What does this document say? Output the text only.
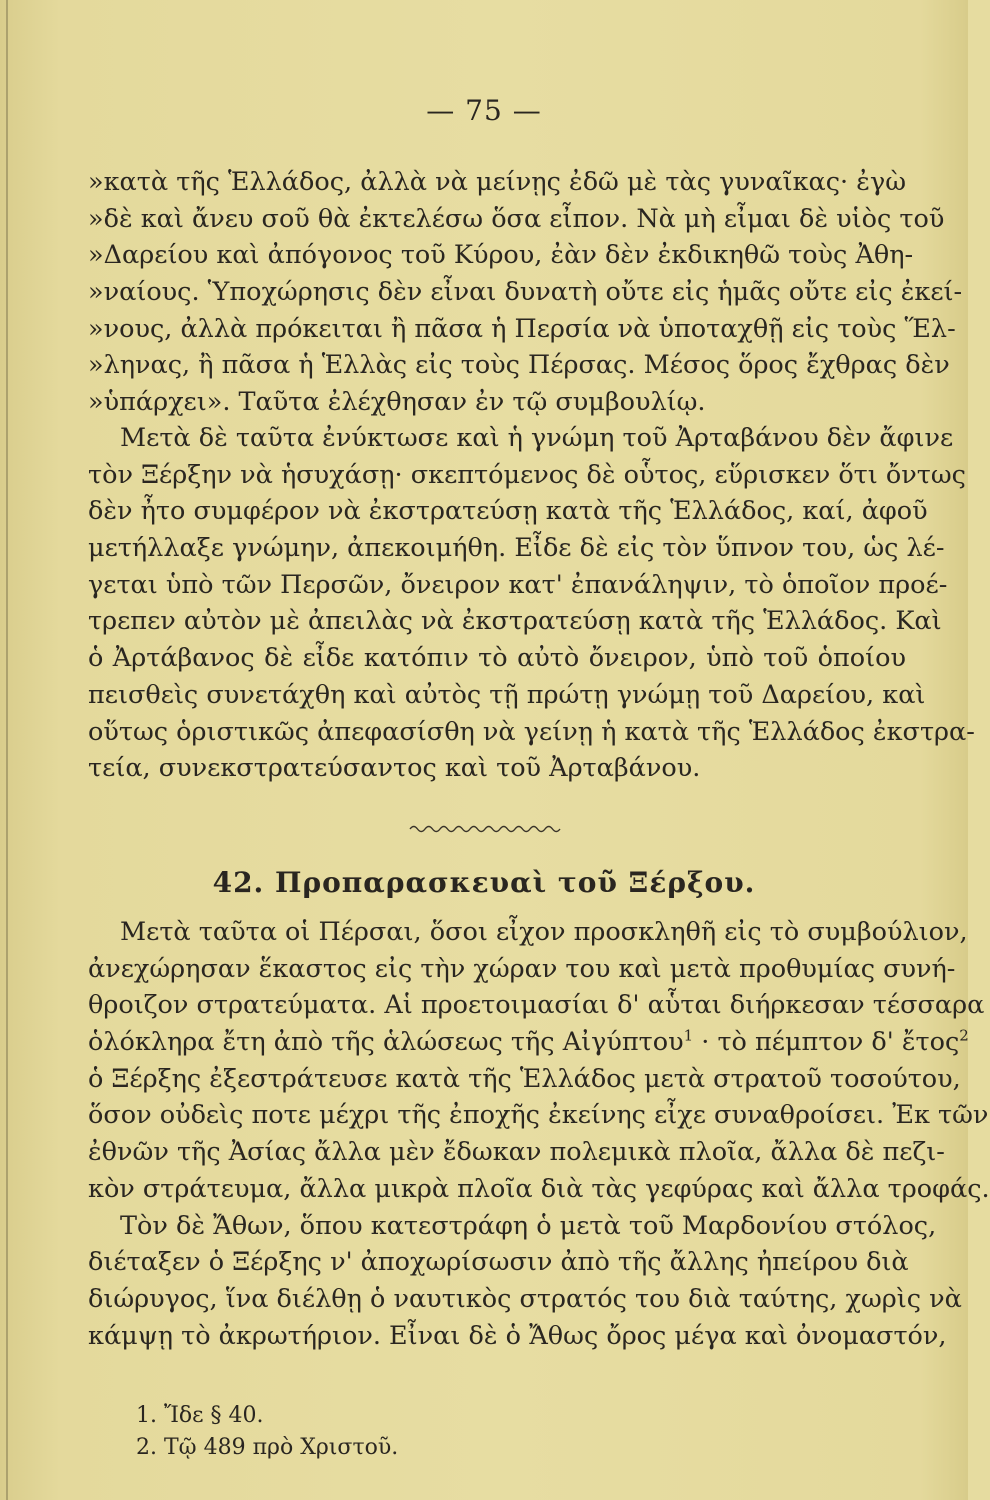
— 75 —
»κατὰ τῆς Ἑλλάδος, ἀλλὰ νὰ μείνῃς ἐδῶ μὲ τὰς γυναῖκας· ἐγὼ
»δὲ καὶ ἄνευ σοῦ θὰ ἐκτελέσω ὅσα εἶπον. Νὰ μὴ εἶμαι δὲ υἱὸς τοῦ
»Δαρείου καὶ ἀπόγονος τοῦ Κύρου, ἐὰν δὲν ἐκδικηθῶ τοὺς Ἀθη-
»ναίους. Ὑποχώρησις δὲν εἶναι δυνατὴ οὔτε εἰς ἡμᾶς οὔτε εἰς ἐκεί-
»νους, ἀλλὰ πρόκειται ἢ πᾶσα ἡ Περσία νὰ ὑποταχθῇ εἰς τοὺς Ἕλ-
»ληνας, ἢ πᾶσα ἡ Ἑλλὰς εἰς τοὺς Πέρσας. Μέσος ὅρος ἔχθρας δὲν
»ὑπάρχει». Ταῦτα ἐλέχθησαν ἐν τῷ συμβουλίῳ.
Μετὰ δὲ ταῦτα ἐνύκτωσε καὶ ἡ γνώμη τοῦ Ἀρταβάνου δὲν ἄφινε
τὸν Ξέρξην νὰ ἡσυχάσῃ· σκεπτόμενος δὲ οὗτος, εὕρισκεν ὅτι ὄντως
δὲν ἦτο συμφέρον νὰ ἐκστρατεύσῃ κατὰ τῆς Ἑλλάδος, καί, ἀφοῦ
μετήλλαξε γνώμην, ἀπεκοιμήθη. Εἶδε δὲ εἰς τὸν ὕπνον του, ὡς λέ-
γεται ὑπὸ τῶν Περσῶν, ὄνειρον κατ' ἐπανάληψιν, τὸ ὁποῖον προέ-
τρεπεν αὐτὸν μὲ ἀπειλὰς νὰ ἐκστρατεύσῃ κατὰ τῆς Ἑλλάδος. Καὶ
ὁ Ἀρτάβανος δὲ εἶδε κατόπιν τὸ αὐτὸ ὄνειρον, ὑπὸ τοῦ ὁποίου
πεισθεὶς συνετάχθη καὶ αὐτὸς τῇ πρώτῃ γνώμῃ τοῦ Δαρείου, καὶ
οὕτως ὁριστικῶς ἀπεφασίσθη νὰ γείνῃ ἡ κατὰ τῆς Ἑλλάδος ἐκστρα-
τεία, συνεκστρατεύσαντος καὶ τοῦ Ἀρταβάνου.
42. Προπαρασκευαὶ τοῦ Ξέρξου.
Μετὰ ταῦτα οἱ Πέρσαι, ὅσοι εἶχον προσκληθῆ εἰς τὸ συμβούλιον,
ἀνεχώρησαν ἕκαστος εἰς τὴν χώραν του καὶ μετὰ προθυμίας συνή-
θροιζον στρατεύματα. Αἱ προετοιμασίαι δ' αὗται διήρκεσαν τέσσαρα
ὁλόκληρα ἔτη ἀπὸ τῆς ἁλώσεως τῆς Αἰγύπτου$^1$ · τὸ πέμπτον δ' ἔτος$^2$
ὁ Ξέρξης ἐξεστράτευσε κατὰ τῆς Ἑλλάδος μετὰ στρατοῦ τοσούτου,
ὅσον οὐδεὶς ποτε μέχρι τῆς ἐποχῆς ἐκείνης εἶχε συναθροίσει. Ἐκ τῶν
ἐθνῶν τῆς Ἀσίας ἄλλα μὲν ἔδωκαν πολεμικὰ πλοῖα, ἄλλα δὲ πεζι-
κὸν στράτευμα, ἄλλα μικρὰ πλοῖα διὰ τὰς γεφύρας καὶ ἄλλα τροφάς.
Τὸν δὲ Ἄθων, ὅπου κατεστράφη ὁ μετὰ τοῦ Μαρδονίου στόλος,
διέταξεν ὁ Ξέρξης ν' ἀποχωρίσωσιν ἀπὸ τῆς ἄλλης ἠπείρου διὰ
διώρυγος, ἵνα διέλθῃ ὁ ναυτικὸς στρατός του διὰ ταύτης, χωρὶς νὰ
κάμψῃ τὸ ἀκρωτήριον. Εἶναι δὲ ὁ Ἄθως ὄρος μέγα καὶ ὀνομαστόν,
1. Ἴδε § 40.
2. Τῷ 489 πρὸ Χριστοῦ.
